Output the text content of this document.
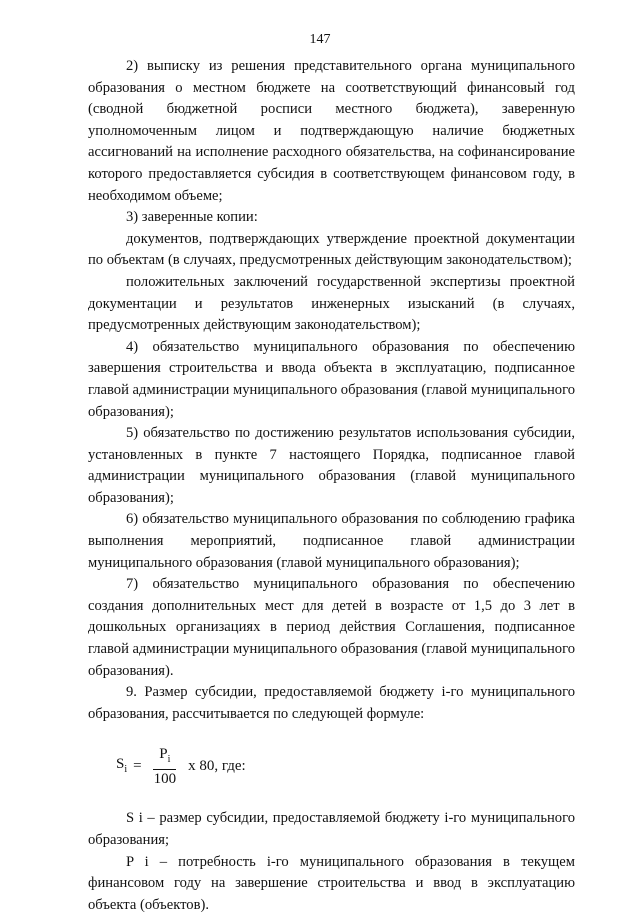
147

2) выписку из решения представительного органа муниципального образования о местном бюджете на соответствующий финансовый год (сводной бюджетной росписи местного бюджета), заверенную уполномоченным лицом и подтверждающую наличие бюджетных ассигнований на исполнение расходного обязательства, на софинансирование которого предоставляется субсидия в соответствующем финансовом году, в необходимом объеме;

3) заверенные копии:

документов, подтверждающих утверждение проектной документации по объектам (в случаях, предусмотренных действующим законодательством);

положительных заключений государственной экспертизы проектной документации и результатов инженерных изысканий (в случаях, предусмотренных действующим законодательством);

4) обязательство муниципального образования по обеспечению завершения строительства и ввода объекта в эксплуатацию, подписанное главой администрации муниципального образования (главой муниципального образования);

5) обязательство по достижению результатов использования субсидии, установленных в пункте 7 настоящего Порядка, подписанное главой администрации муниципального образования (главой муниципального образования);

6) обязательство муниципального образования по соблюдению графика выполнения мероприятий, подписанное главой администрации муниципального образования (главой муниципального образования);

7) обязательство муниципального образования по обеспечению создания дополнительных мест для детей в возрасте от 1,5 до 3 лет в дошкольных организациях в период действия Соглашения, подписанное главой администрации муниципального образования (главой муниципального образования).

9. Размер субсидии, предоставляемой бюджету i-го муниципального образования, рассчитывается по следующей формуле:

$S_i = \frac{P_i}{100}$ x 80, где:

S i – размер субсидии, предоставляемой бюджету i-го муниципального образования;

P i – потребность i-го муниципального образования в текущем финансовом году на завершение строительства и ввод в эксплуатацию объекта (объектов).
